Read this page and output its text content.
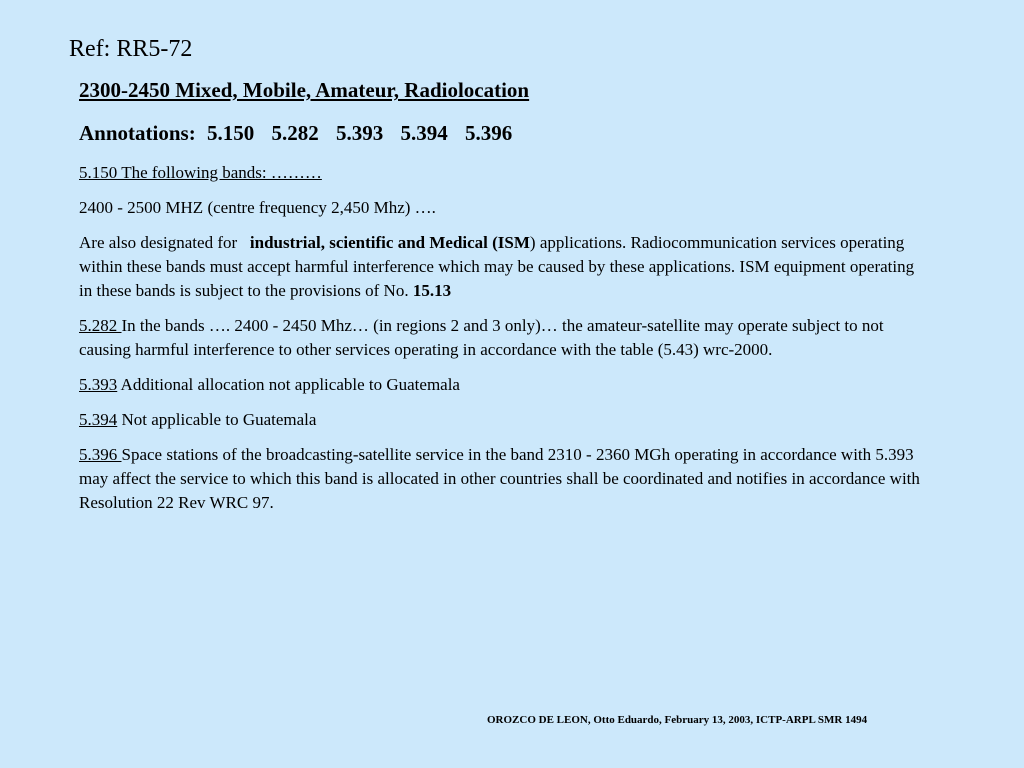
Ref: RR5-72
2300-2450 Mixed, Mobile, Amateur, Radiolocation
Annotations: 5.150 5.282 5.393 5.394 5.396

5.150 The following bands: ………

2400 - 2500 MHZ (centre frequency 2,450 Mhz) ….

Are also designated for   industrial, scientific and Medical (ISM) applications. Radiocommunication services operating within these bands must accept harmful interference which may be caused by these applications. ISM equipment operating in these bands is subject to the provisions of No. 15.13

5.282 In the bands …. 2400 - 2450 Mhz… (in regions 2 and 3 only)… the amateur-satellite may operate subject to not causing harmful interference to other services operating in accordance with the table (5.43) wrc-2000.

5.393 Additional allocation not applicable to Guatemala

5.394 Not applicable to Guatemala

5.396 Space stations of the broadcasting-satellite service in the band 2310 - 2360 MGh operating in accordance with 5.393 may affect the service to which this band is allocated in other countries shall be coordinated and notifies in accordance with Resolution 22 Rev WRC 97.

OROZCO DE LEON, Otto Eduardo, February 13, 2003, ICTP-ARPL SMR 1494
